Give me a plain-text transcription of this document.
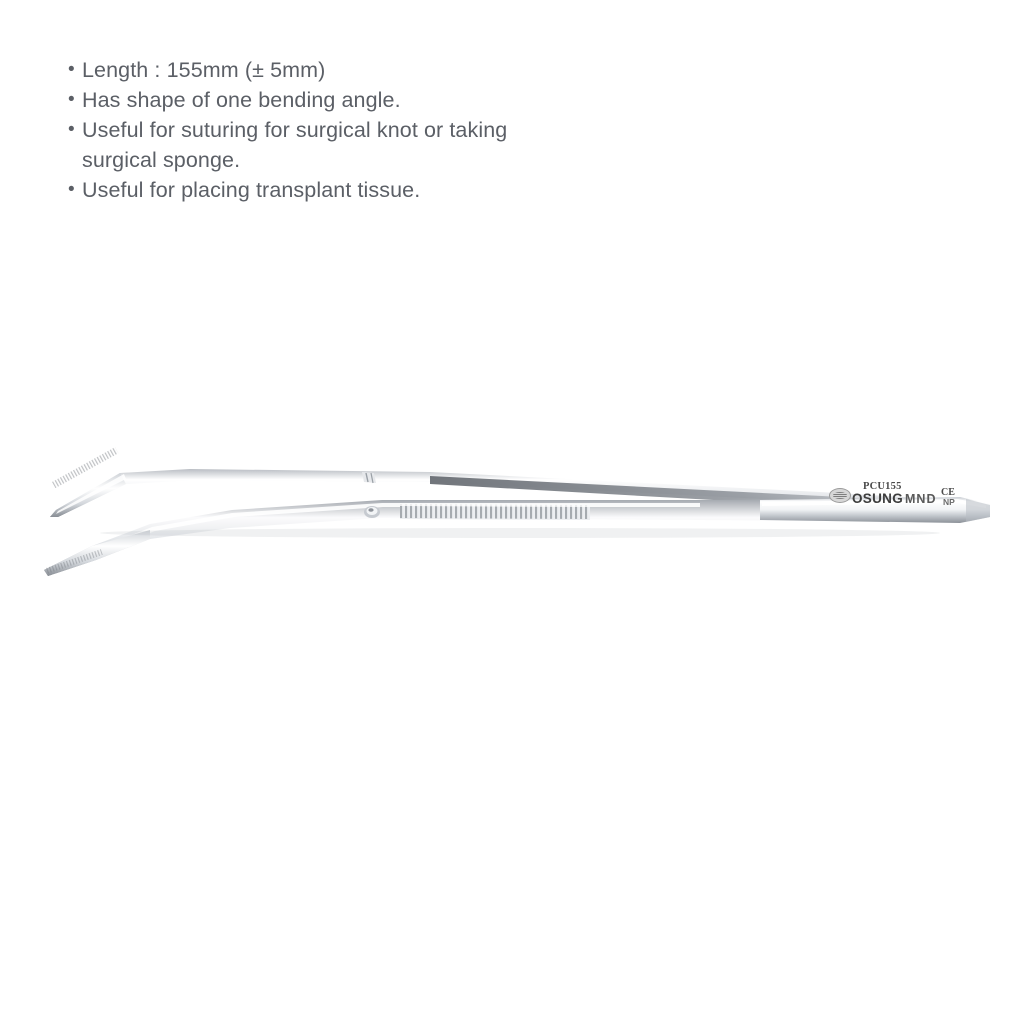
• Length : 155mm (± 5mm)
• Has shape of one bending angle.
• Useful for suturing for surgical knot or taking
surgical sponge.
• Useful for placing transplant tissue.
PCU155
OSUNG MND CE
NP
